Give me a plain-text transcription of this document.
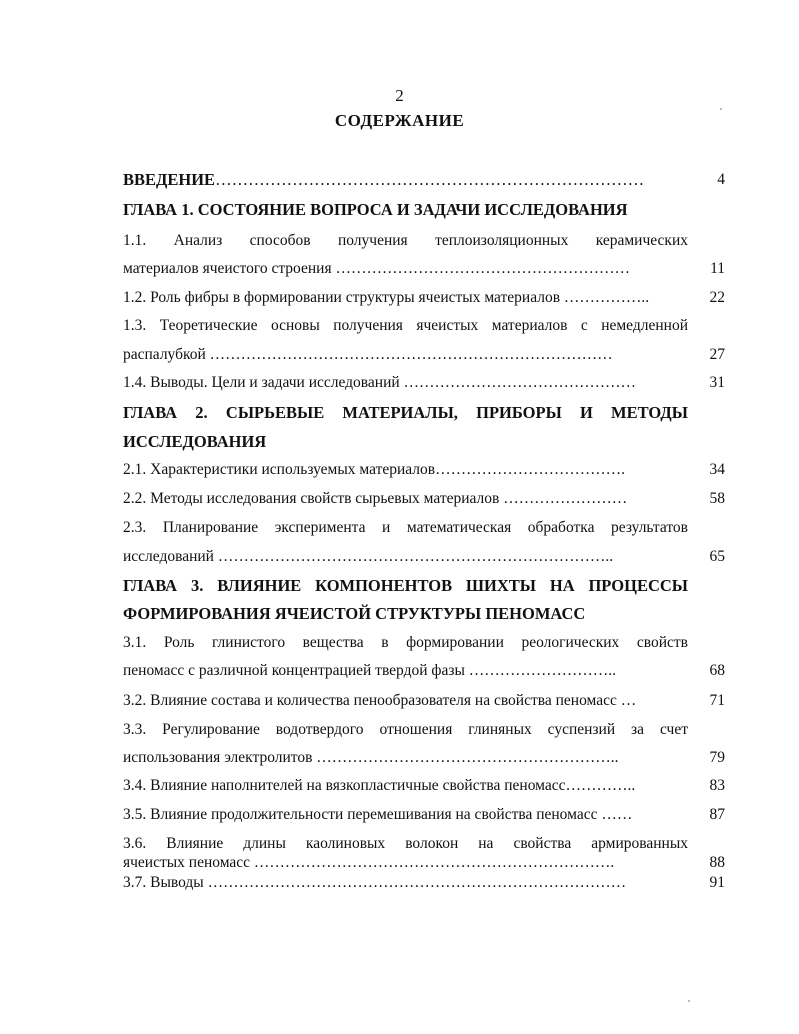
2
СОДЕРЖАНИЕ
ВВЕДЕНИЕ……………………………………………………………………	4
ГЛАВА 1. СОСТОЯНИЕ ВОПРОСА И ЗАДАЧИ ИССЛЕДОВАНИЯ
1.1. Анализ способов получения теплоизоляционных керамических
материалов ячеистого строения …………………………………………………	11
1.2. Роль фибры в формировании структуры ячеистых материалов ……………..	22
1.3. Теоретические основы получения ячеистых материалов с немедленной
распалубкой ……………………………………………………………………	27
1.4. Выводы. Цели и задачи исследований ………………………………………	31
ГЛАВА 2. СЫРЬЕВЫЕ МАТЕРИАЛЫ, ПРИБОРЫ И МЕТОДЫ
ИССЛЕДОВАНИЯ
2.1. Характеристики используемых материалов……………………………….	34
2.2. Методы исследования свойств сырьевых материалов ……………………	58
2.3. Планирование эксперимента и математическая обработка результатов
исследований …………………………………………………………………..	65
ГЛАВА 3. ВЛИЯНИЕ КОМПОНЕНТОВ ШИХТЫ НА ПРОЦЕССЫ
ФОРМИРОВАНИЯ ЯЧЕИСТОЙ СТРУКТУРЫ ПЕНОМАСС
3.1. Роль глинистого вещества в формировании реологических свойств
пеномасс с различной концентрацией твердой фазы ………………………..	68
3.2. Влияние состава и количества пенообразователя на свойства пеномасс …	71
3.3. Регулирование водотвердого отношения глиняных суспензий за счет
использования электролитов …………………………………………………..	79
3.4. Влияние наполнителей на вязкопластичные свойства пеномасс…………..	83
3.5. Влияние продолжительности перемешивания на свойства пеномасс ……	87
3.6. Влияние длины каолиновых волокон на свойства армированных
ячеистых пеномасс …………………………………………………………….	88
3.7. Выводы ………………………………………………………………………	91
